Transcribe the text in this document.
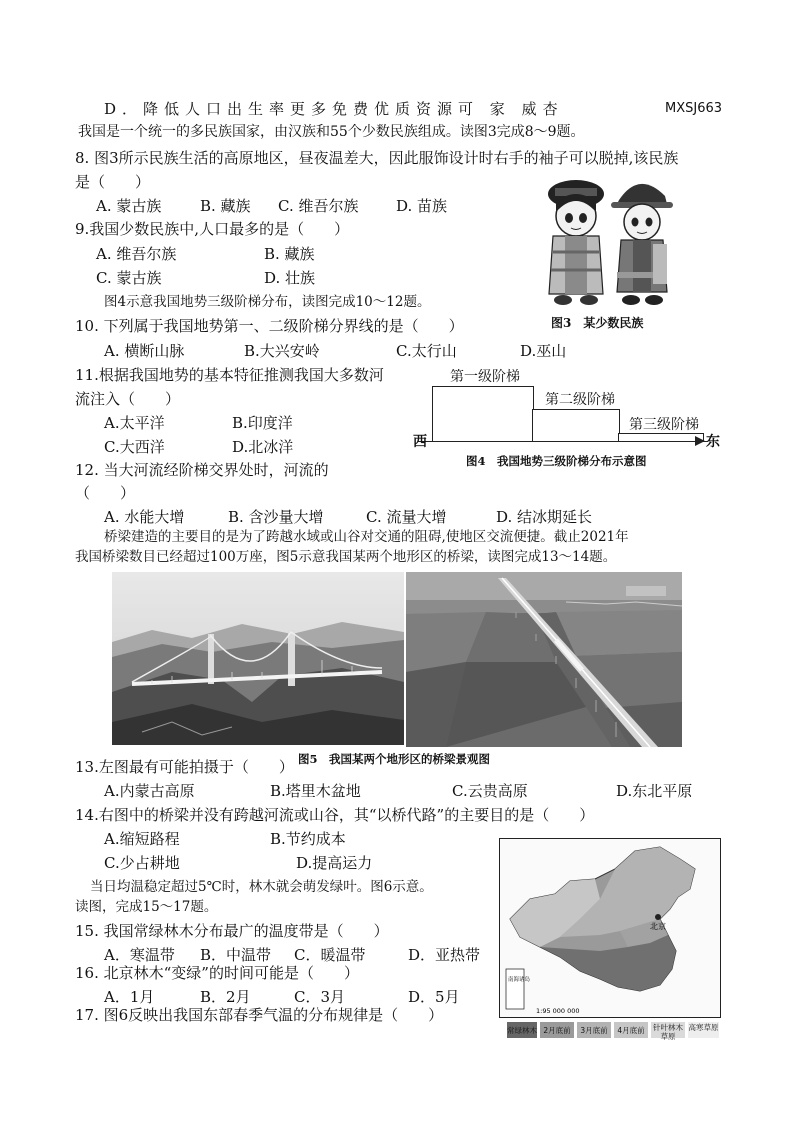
D．降低人口出生率更多免费优质资源可 家 威杏	MXSJ663
我国是一个统一的多民族国家，由汉族和55个少数民族组成。读图3完成8～9题。
8. 图3所示民族生活的高原地区，昼夜温差大，因此服饰设计时右手的袖子可以脱掉,该民族
是（　　）
A. 蒙古族	B. 藏族 C. 维吾尔族	D. 苗族
9.我国少数民族中,人口最多的是（　　）
A. 维吾尔族	B. 藏族
C. 蒙古族	D. 壮族
图3　某少数民族
图4示意我国地势三级阶梯分布，读图完成10～12题。
10. 下列属于我国地势第一、二级阶梯分界线的是（　　）
A. 横断山脉	B.大兴安岭	C.太行山	D.巫山
11.根据我国地势的基本特征推测我国大多数河
流注入（　　）
A.太平洋	B.印度洋
C.大西洋	D.北冰洋
第一级阶梯
第二级阶梯
第三级阶梯
西	东
图4　我国地势三级阶梯分布示意图
12. 当大河流经阶梯交界处时，河流的
（　　）
A. 水能大增	B. 含沙量大增	C. 流量大增	D. 结冰期延长
桥梁建造的主要目的是为了跨越水域或山谷对交通的阻碍,使地区交流便捷。截止2021年
我国桥梁数目已经超过100万座，图5示意我国某两个地形区的桥梁，读图完成13～14题。
图5　我国某两个地形区的桥梁景观图
13.左图最有可能拍摄于（　　）
A.内蒙古高原	B.塔里木盆地	C.云贵高原	D.东北平原
14.右图中的桥梁并没有跨越河流或山谷，其“以桥代路”的主要目的是（　　）
A.缩短路程	B.节约成本
C.少占耕地	D.提高运力
当日均温稳定超过5℃时，林木就会萌发绿叶。图6示意。
读图，完成15～17题。
15. 我国常绿林木分布最广的温度带是（　　）
A．寒温带 B．中温带 C．暖温带	D．亚热带
16. 北京林木“变绿”的时间可能是（　　）
A．1月	B．2月	C．3月	D．5月
17. 图6反映出我国东部春季气温的分布规律是（　　）
北京
南海诸岛
1:95 000 000
常绿林木 2月底前	3月底前	4月底前	针叶林木草原
高寒草原
